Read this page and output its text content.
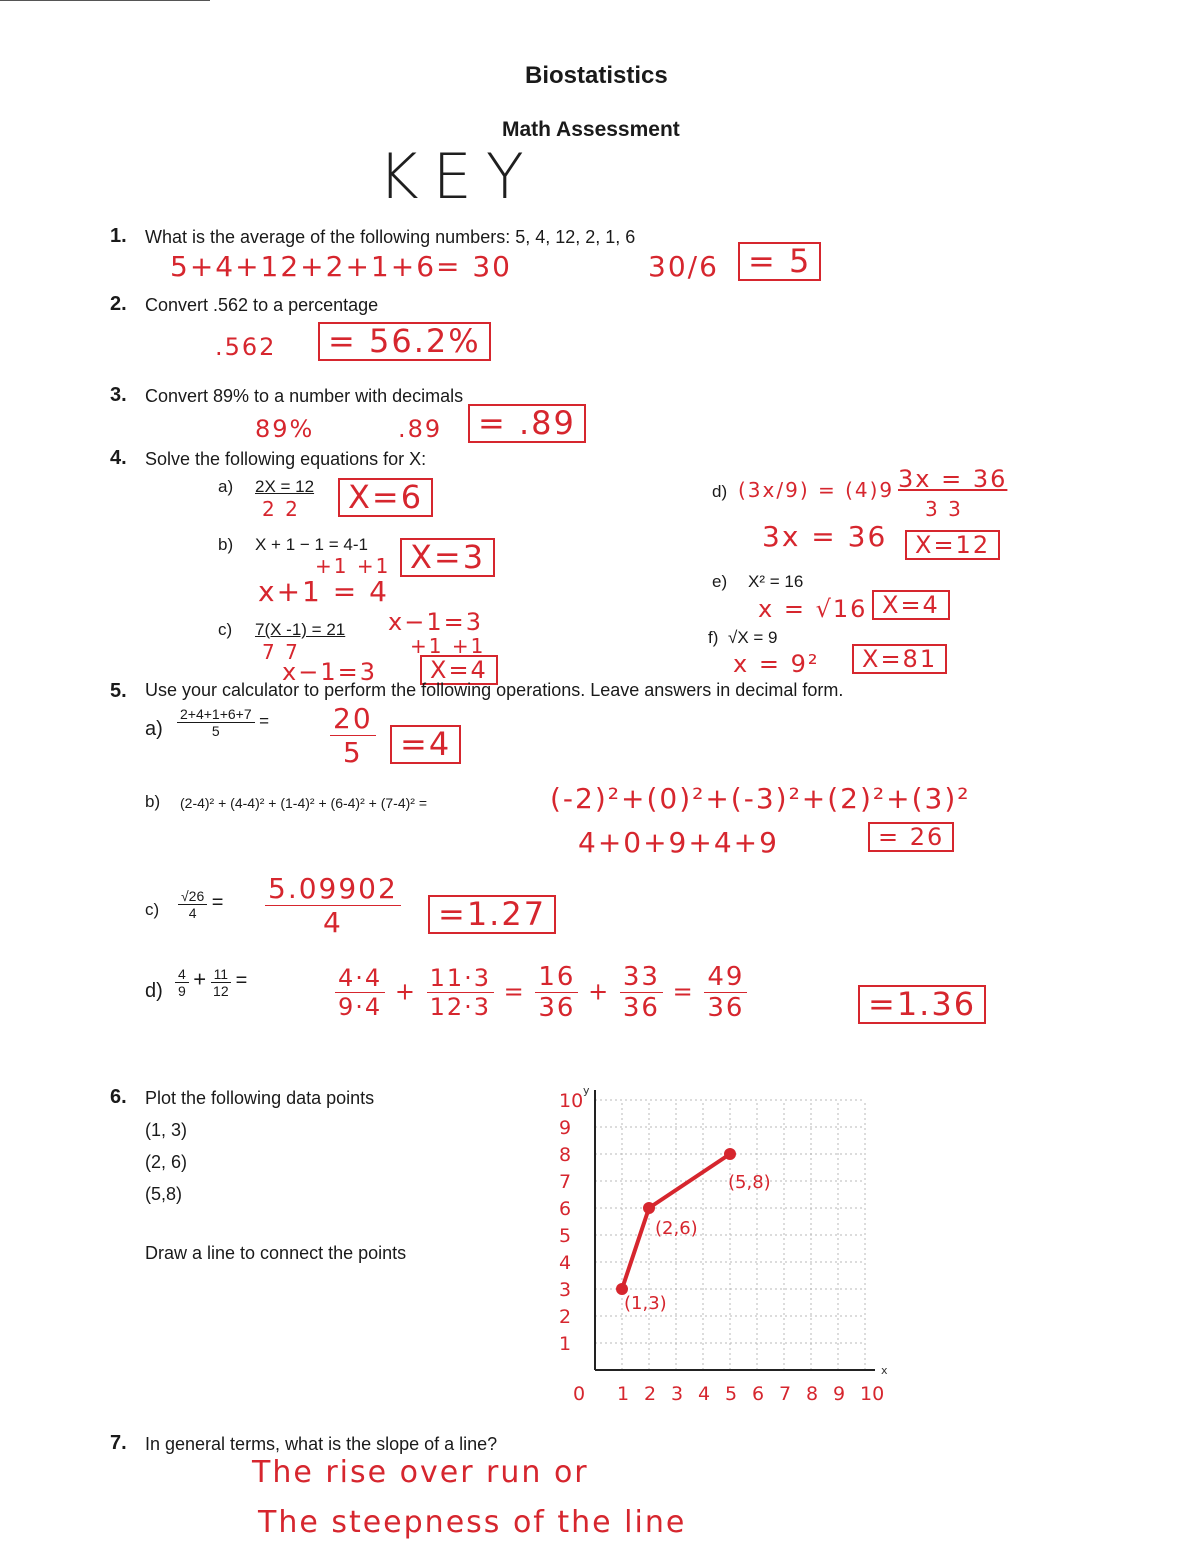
Biostatistics
Math Assessment
KEY
1. What is the average of the following numbers: 5, 4, 12, 2, 1, 6
5+4+12+2+1+6= 30	30/6 = 5
2. Convert .562 to a percentage
.562	= 56.2%
3. Convert 89% to a number with decimals
89%	.89	= .89
4. Solve the following equations for X:
a) 2X = 12
2 2	X=6
b) X + 1 − 1 = 4-1
+1 +1
x+1 = 4
X=3
c) 7(X -1) = 21
7 7
x−1=3
+1 +1
x−1=3	X=4
d) (3x/9) = (4)9
3x = 36
3x = 36
3 3
X=12
e) X² = 16
x = √16 X=4
f) √X = 9
x = 9²	X=81
5. Use your calculator to perform the following operations. Leave answers in decimal form.
$a) \frac{2+4+1+6+7}{5} = \frac{20}{5} =4$
b) (2-4)² + (4-4)² + (1-4)² + (6-4)² + (7-4)² =	(-2)²+(0)²+(-3)²+(2)²+(3)²
4+0+9+4+9	= 26
$c) \frac{√26}{4} = \frac{5.09902}{4}$	=1.27
$d) \frac{4}{9} + \frac{11}{12}$ =	$\frac{4\cdot 4}{9\cdot 4} + \frac{11\cdot 3}{12\cdot 3} = \frac{16}{36} + \frac{33}{36} = \frac{49}{36}$	=1.36
6. Plot the following data points
(1, 3)
(2, 6)
(5,8)
Draw a line to connect the points
x
y
0 1 2 3 4 5 6 7 8 9 10
1
2
3
4
5
6
7
8
9
10
(1,3)
(2,6)
(5,8)
7. In general terms, what is the slope of a line?
The rise over run or
The steepness of the line
